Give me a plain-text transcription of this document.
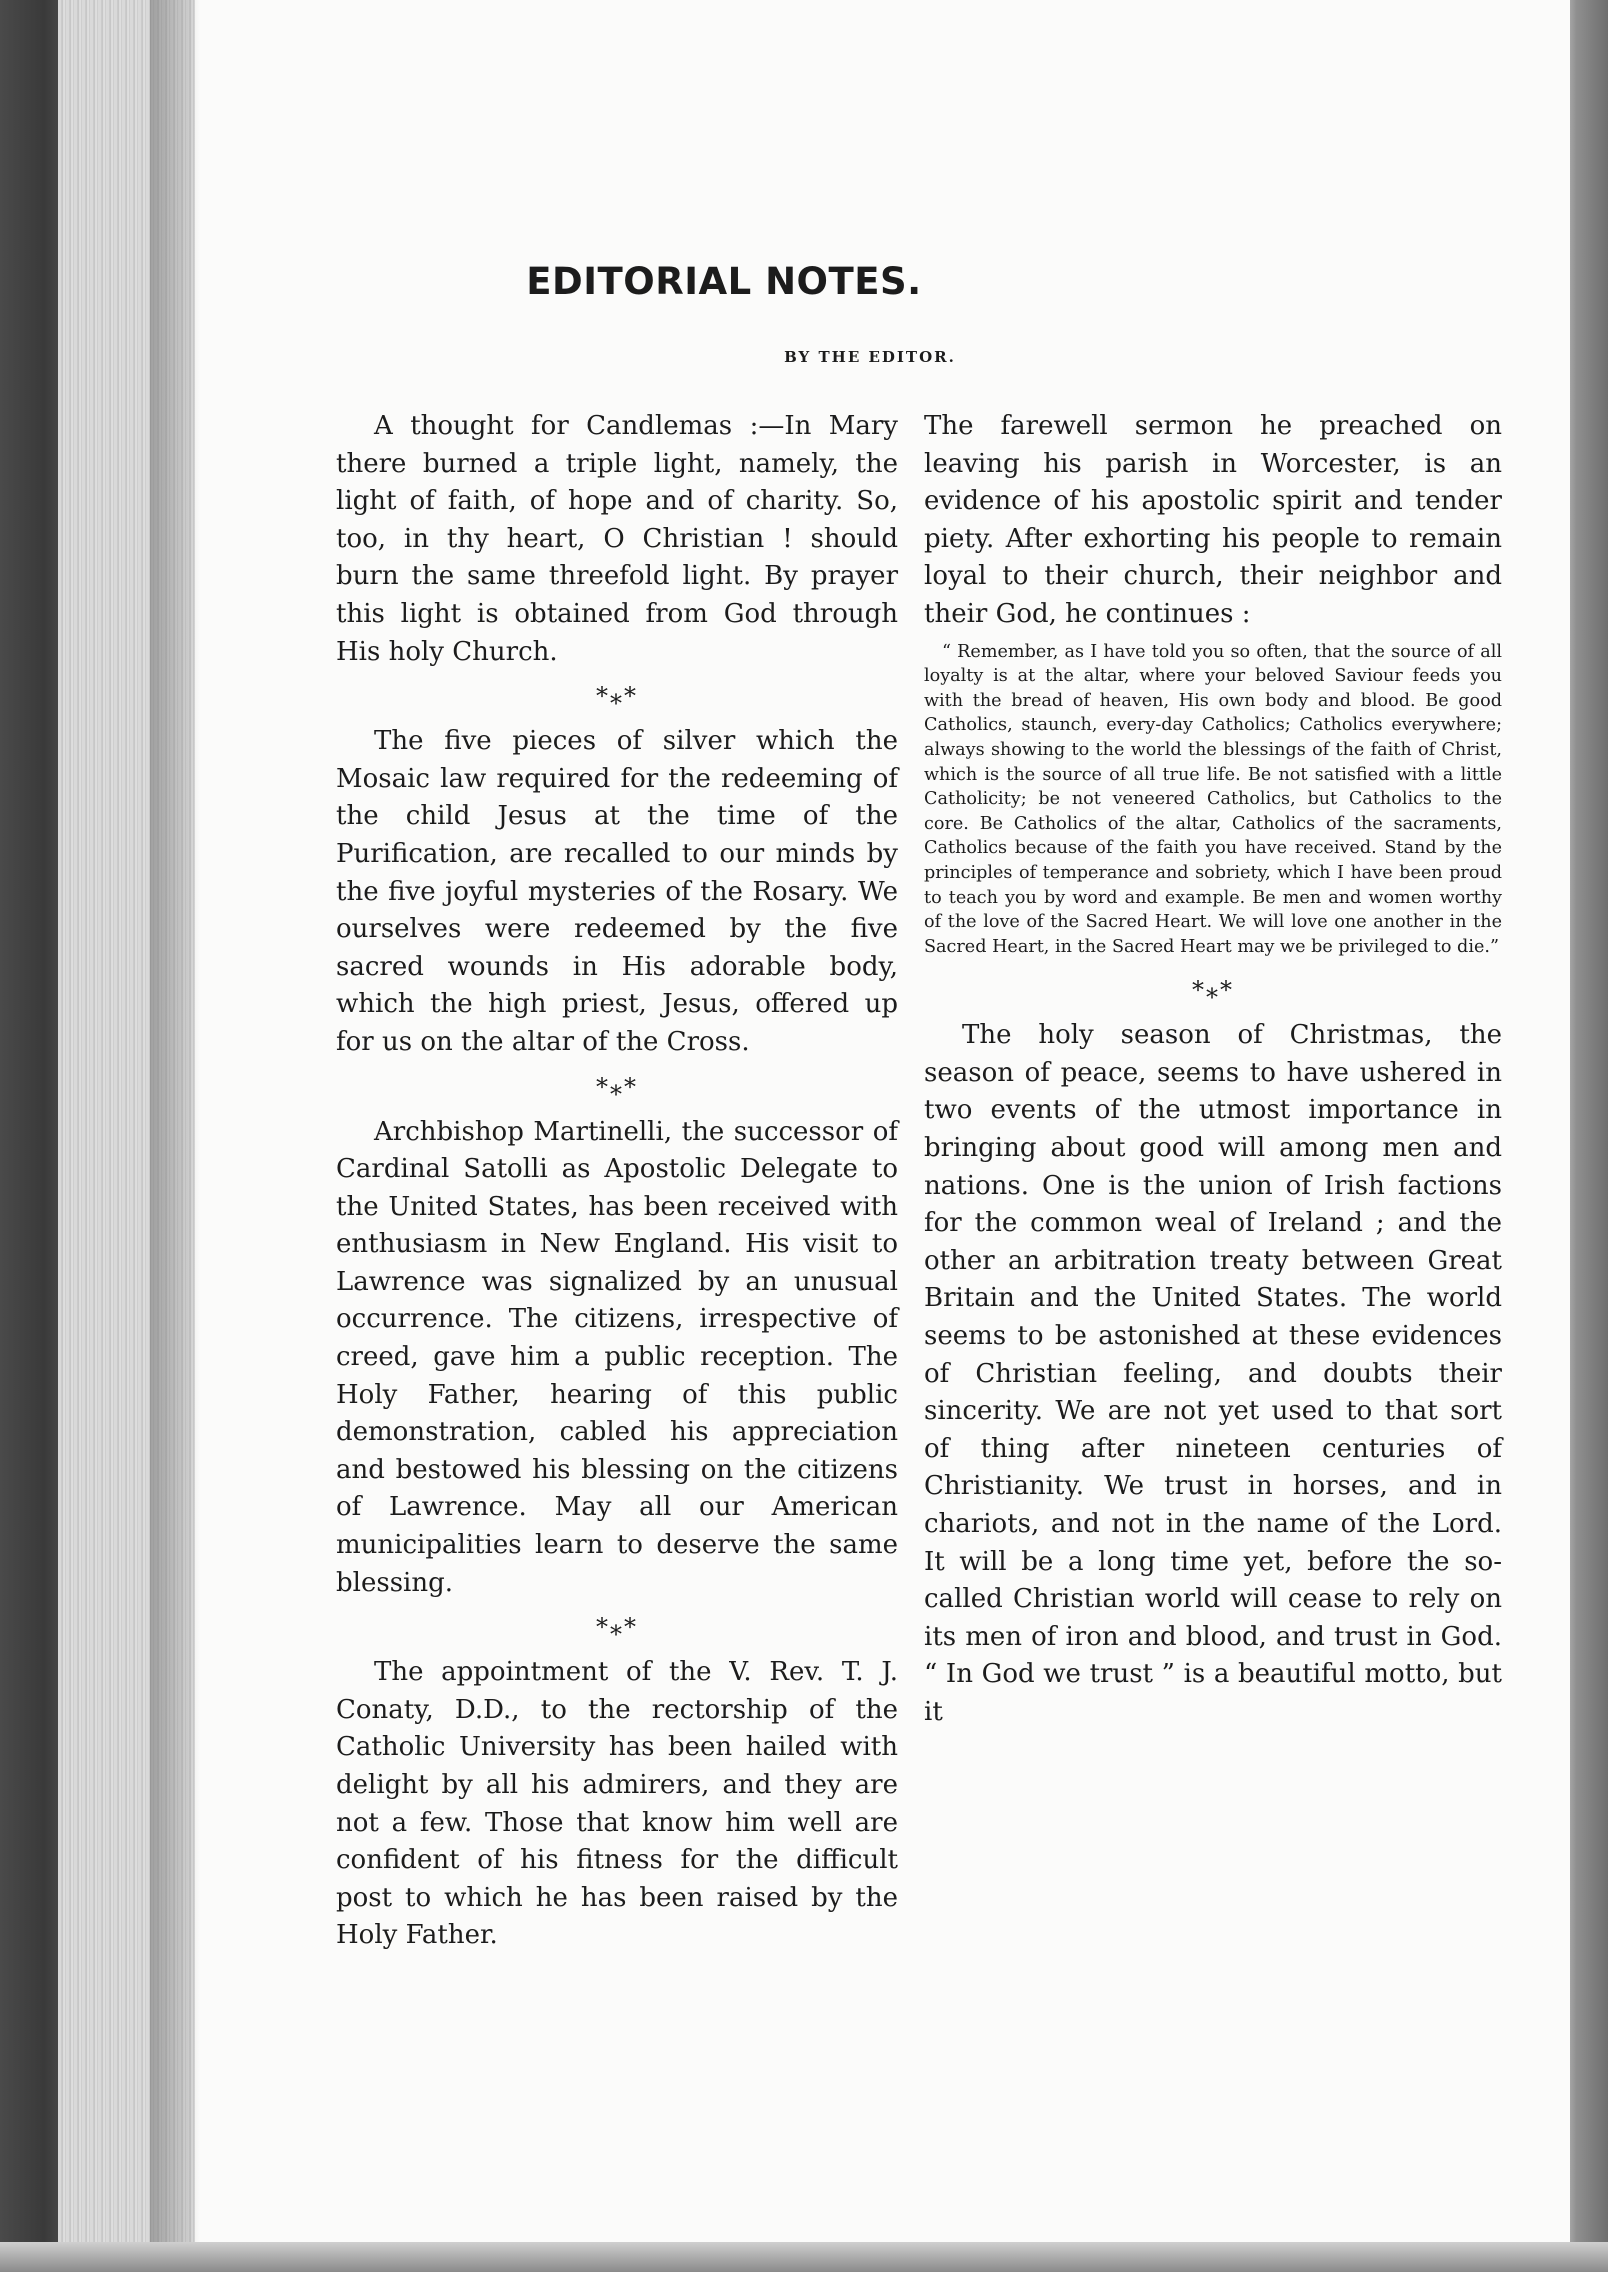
EDITORIAL NOTES.
BY THE EDITOR.

A thought for Candlemas :—In Mary there burned a triple light, namely, the light of faith, of hope and of charity. So, too, in thy heart, O Christian ! should burn the same threefold light. By prayer this light is obtained from God through His holy Church.

*⁎*

The five pieces of silver which the Mosaic law required for the redeeming of the child Jesus at the time of the Purification, are recalled to our minds by the five joyful mysteries of the Rosary. We ourselves were redeemed by the five sacred wounds in His adorable body, which the high priest, Jesus, offered up for us on the altar of the Cross.

*⁎*

Archbishop Martinelli, the successor of Cardinal Satolli as Apostolic Delegate to the United States, has been received with enthusiasm in New England. His visit to Lawrence was signalized by an unusual occurrence. The citizens, irrespective of creed, gave him a public reception. The Holy Father, hearing of this public demonstration, cabled his appreciation and bestowed his blessing on the citizens of Lawrence. May all our American municipalities learn to deserve the same blessing.

*⁎*

The appointment of the V. Rev. T. J. Conaty, D.D., to the rectorship of the Catholic University has been hailed with delight by all his admirers, and they are not a few. Those that know him well are confident of his fitness for the difficult post to which he has been raised by the Holy Father.

The farewell sermon he preached on leaving his parish in Worcester, is an evidence of his apostolic spirit and tender piety. After exhorting his people to remain loyal to their church, their neighbor and their God, he continues :

“ Remember, as I have told you so often, that the source of all loyalty is at the altar, where your beloved Saviour feeds you with the bread of heaven, His own body and blood. Be good Catholics, staunch, every-day Catholics; Catholics everywhere; always showing to the world the blessings of the faith of Christ, which is the source of all true life. Be not satisfied with a little Catholicity; be not veneered Catholics, but Catholics to the core. Be Catholics of the altar, Catholics of the sacraments, Catholics because of the faith you have received. Stand by the principles of temperance and sobriety, which I have been proud to teach you by word and example. Be men and women worthy of the love of the Sacred Heart. We will love one another in the Sacred Heart, in the Sacred Heart may we be privileged to die.”
*⁎*

The holy season of Christmas, the season of peace, seems to have ushered in two events of the utmost importance in bringing about good will among men and nations. One is the union of Irish factions for the common weal of Ireland ; and the other an arbitration treaty between Great Britain and the United States. The world seems to be astonished at these evidences of Christian feeling, and doubts their sincerity. We are not yet used to that sort of thing after nineteen centuries of Christianity. We trust in horses, and in chariots, and not in the name of the Lord. It will be a long time yet, before the so-called Christian world will cease to rely on its men of iron and blood, and trust in God. “ In God we trust ” is a beautiful motto, but it
